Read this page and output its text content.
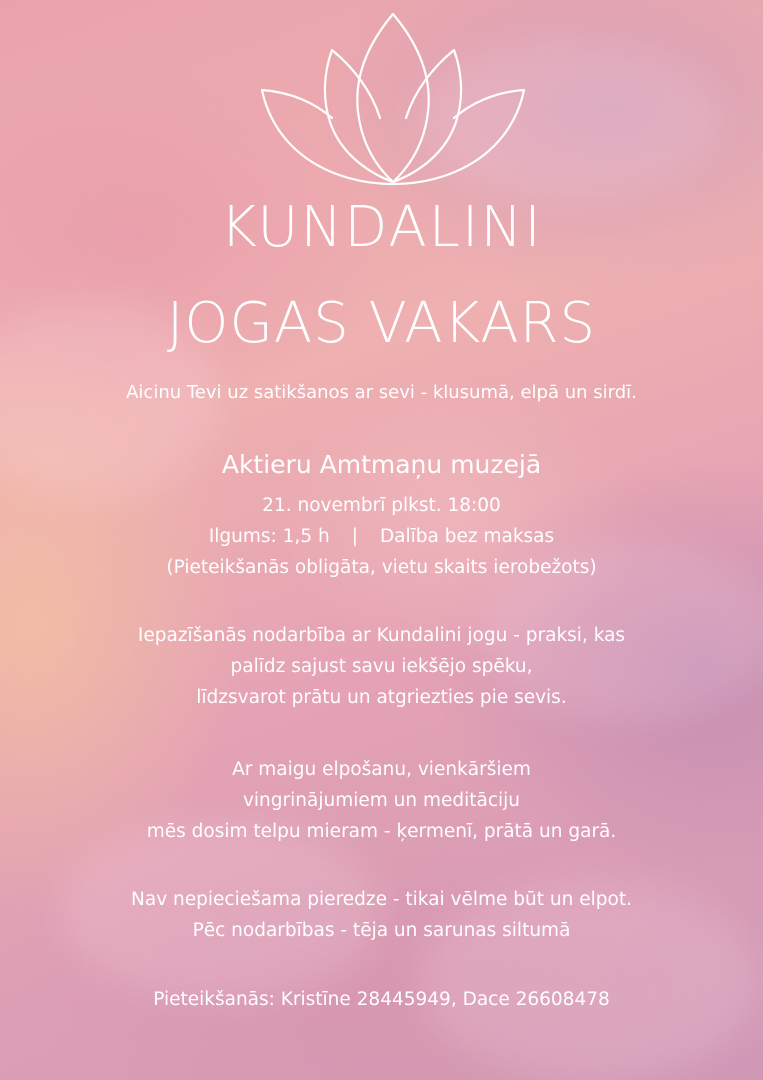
KUNDALINI
JOGAS VAKARS
Aicinu Tevi uz satikšanos ar sevi - klusumā, elpā un sirdī.
Aktieru Amtmaņu muzejā
21. novembrī plkst. 18:00
Ilgums: 1,5 h | Dalība bez maksas
(Pieteikšanās obligāta, vietu skaits ierobežots)
Iepazīšanās nodarbība ar Kundalini jogu - praksi, kas
palīdz sajust savu iekšējo spēku,
līdzsvarot prātu un atgriezties pie sevis.
Ar maigu elpošanu, vienkāršiem
vingrinājumiem un meditāciju
mēs dosim telpu mieram - ķermenī, prātā un garā.
Nav nepieciešama pieredze - tikai vēlme būt un elpot.
Pēc nodarbības - tēja un sarunas siltumā
Pieteikšanās: Kristīne 28445949, Dace 26608478
